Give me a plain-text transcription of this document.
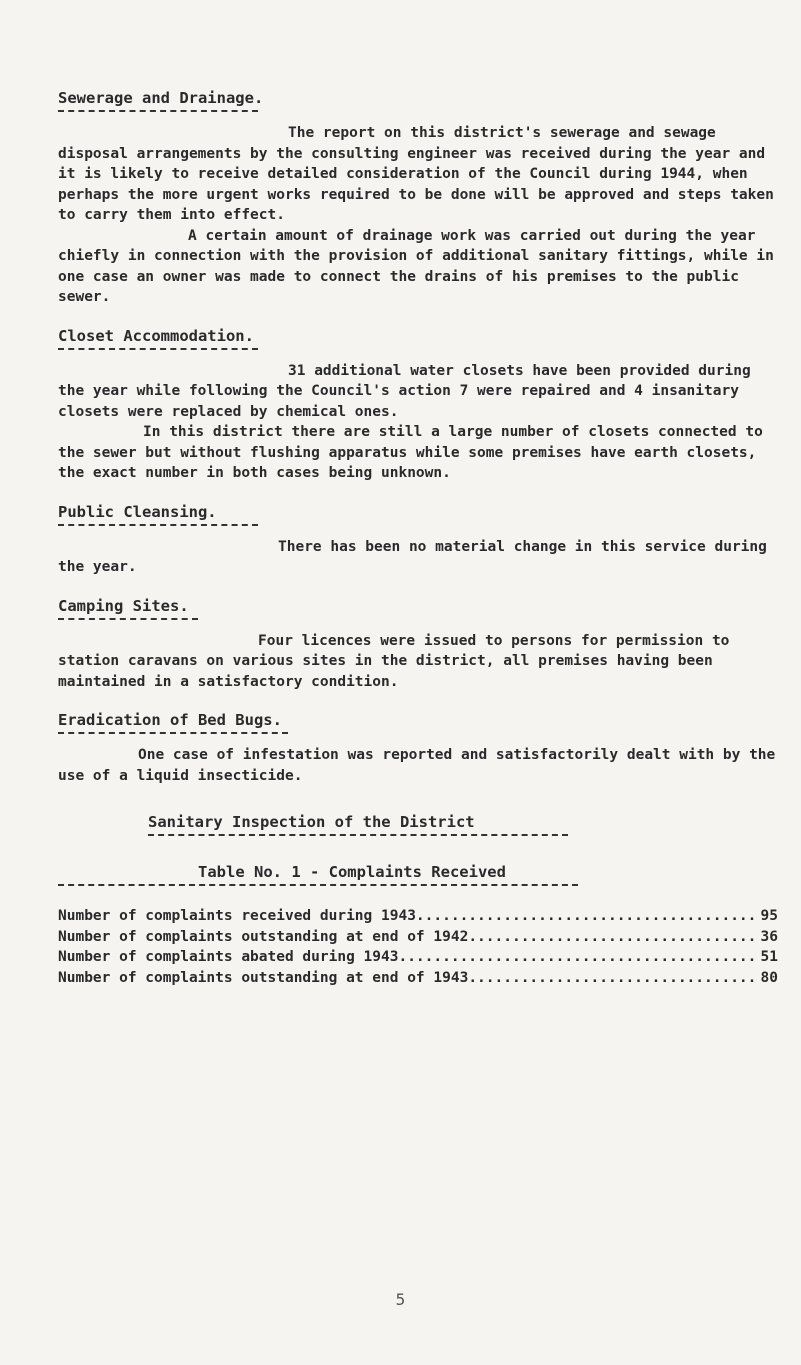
Sewerage and Drainage.

The report on this district's sewerage and sewage disposal arrangements by the consulting engineer was received during the year and it is likely to receive detailed consideration of the Council during 1944, when perhaps the more urgent works required to be done will be approved and steps taken to carry them into effect.

A certain amount of drainage work was carried out during the year chiefly in connection with the provision of additional sanitary fittings, while in one case an owner was made to connect the drains of his premises to the public sewer.

Closet Accommodation.

31 additional water closets have been provided during the year while following the Council's action 7 were repaired and 4 insanitary closets were replaced by chemical ones.

In this district there are still a large number of closets connected to the sewer but without flushing apparatus while some premises have earth closets, the exact number in both cases being unknown.

Public Cleansing.

There has been no material change in this service during the year.

Camping Sites.

Four licences were issued to persons for permission to station caravans on various sites in the district, all premises having been maintained in a satisfactory condition.

Eradication of Bed Bugs.

One case of infestation was reported and satisfactorily dealt with by the use of a liquid insecticide.

Sanitary Inspection of the District

Table No. 1 - Complaints Received

Number of complaints received during 1943 .....	95
Number of complaints outstanding at end of 1942 .....	36
Number of complaints abated during 1943 .....	51
Number of complaints outstanding at end of 1943 .....	80
5
